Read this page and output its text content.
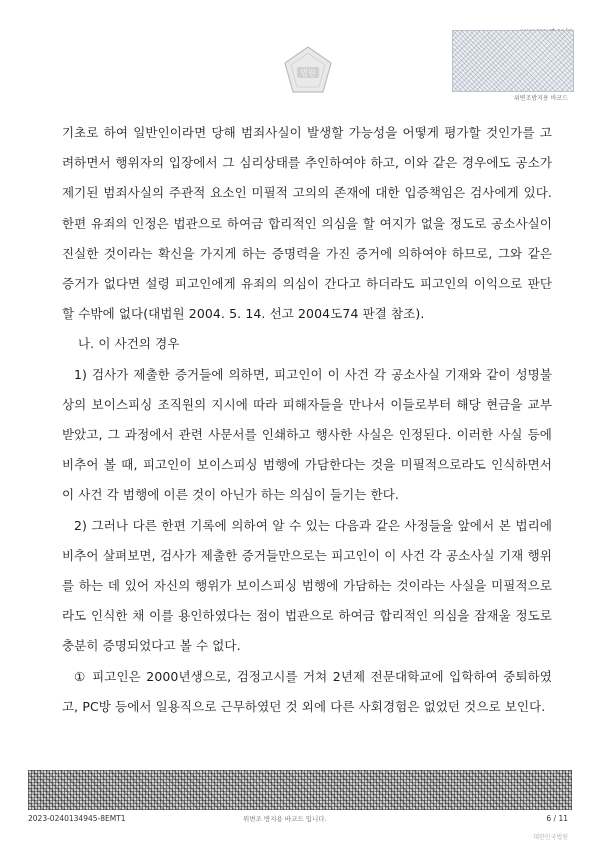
법원
위변조방지용 바코드

기초로 하여 일반인이라면 당해 범죄사실이 발생할 가능성을 어떻게 평가할 것인가를 고려하면서 행위자의 입장에서 그 심리상태를 추인하여야 하고, 이와 같은 경우에도 공소가 제기된 범죄사실의 주관적 요소인 미필적 고의의 존재에 대한 입증책임은 검사에게 있다. 한편 유죄의 인정은 법관으로 하여금 합리적인 의심을 할 여지가 없을 정도로 공소사실이 진실한 것이라는 확신을 가지게 하는 증명력을 가진 증거에 의하여야 하므로, 그와 같은 증거가 없다면 설령 피고인에게 유죄의 의심이 간다고 하더라도 피고인의 이익으로 판단할 수밖에 없다(대법원 2004. 5. 14. 선고 2004도74 판결 참조).

나. 이 사건의 경우

1) 검사가 제출한 증거들에 의하면, 피고인이 이 사건 각 공소사실 기재와 같이 성명불상의 보이스피싱 조직원의 지시에 따라 피해자들을 만나서 이들로부터 해당 현금을 교부받았고, 그 과정에서 관련 사문서를 인쇄하고 행사한 사실은 인정된다. 이러한 사실 등에 비추어 볼 때, 피고인이 보이스피싱 범행에 가담한다는 것을 미필적으로라도 인식하면서 이 사건 각 범행에 이른 것이 아닌가 하는 의심이 들기는 한다.

2) 그러나 다른 한편 기록에 의하여 알 수 있는 다음과 같은 사정들을 앞에서 본 법리에 비추어 살펴보면, 검사가 제출한 증거들만으로는 피고인이 이 사건 각 공소사실 기재 행위를 하는 데 있어 자신의 행위가 보이스피싱 범행에 가담하는 것이라는 사실을 미필적으로라도 인식한 채 이를 용인하였다는 점이 법관으로 하여금 합리적인 의심을 잠재울 정도로 충분히 증명되었다고 볼 수 없다.

① 피고인은 2000년생으로, 검정고시를 거쳐 2년제 전문대학교에 입학하여 중퇴하였고, PC방 등에서 일용직으로 근무하였던 것 외에 다른 사회경험은 없었던 것으로 보인다.

2023-0240134945-8EMT1	위변조 방지용 바코드 입니다.	6 / 11
대한민국법원
